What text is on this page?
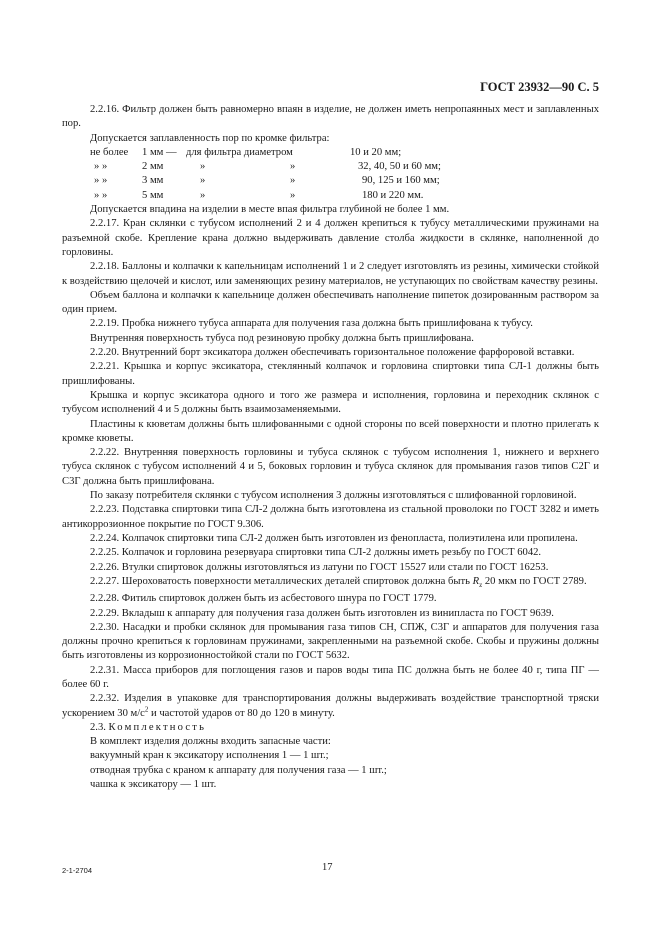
ГОСТ 23932—90 С. 5

2.2.16. Фильтр должен быть равномерно впаян в изделие, не должен иметь непропаянных мест и заплавленных пор.

Допускается заплавленность пор по кромке фильтра:

не более	1 мм —	для фильтра диаметром		10 и 20 мм;
» »	2 мм	»	»	32, 40, 50 и 60 мм;
» »	3 мм	»	»	90, 125 и 160 мм;
» »	5 мм	»	»	180 и 220 мм.

Допускается впадина на изделии в месте впая фильтра глубиной не более 1 мм.

2.2.17. Кран склянки с тубусом исполнений 2 и 4 должен крепиться к тубусу металлическими пружинами на разъемной скобе. Крепление крана должно выдерживать давление столба жидкости в склянке, наполненной до горловины.

2.2.18. Баллоны и колпачки к капельницам исполнений 1 и 2 следует изготовлять из резины, химически стойкой к воздействию щелочей и кислот, или заменяющих резину материалов, не уступающих по свойствам качеству резины.

Объем баллона и колпачки к капельнице должен обеспечивать наполнение пипеток дозированным раствором за один прием.

2.2.19. Пробка нижнего тубуса аппарата для получения газа должна быть пришлифована к тубусу.

Внутренняя поверхность тубуса под резиновую пробку должна быть пришлифована.

2.2.20. Внутренний борт эксикатора должен обеспечивать горизонтальное положение фарфоровой вставки.

2.2.21. Крышка и корпус эксикатора, стеклянный колпачок и горловина спиртовки типа СЛ-1 должны быть пришлифованы.

Крышка и корпус эксикатора одного и того же размера и исполнения, горловина и переходник склянок с тубусом исполнений 4 и 5 должны быть взаимозаменяемыми.

Пластины к кюветам должны быть шлифованными с одной стороны по всей поверхности и плотно прилегать к кромке кюветы.

2.2.22. Внутренняя поверхность горловины и тубуса склянок с тубусом исполнения 1, нижнего и верхнего тубуса склянок с тубусом исполнений 4 и 5, боковых горловин и тубуса склянок для промывания газов типов С2Г и С3Г должна быть пришлифована.

По заказу потребителя склянки с тубусом исполнения 3 должны изготовляться с шлифованной горловиной.

2.2.23. Подставка спиртовки типа СЛ-2 должна быть изготовлена из стальной проволоки по ГОСТ 3282 и иметь антикоррозионное покрытие по ГОСТ 9.306.

2.2.24. Колпачок спиртовки типа СЛ-2 должен быть изготовлен из фенопласта, полиэтилена или пропилена.

2.2.25. Колпачок и горловина резервуара спиртовки типа СЛ-2 должны иметь резьбу по ГОСТ 6042.

2.2.26. Втулки спиртовок должны изготовляться из латуни по ГОСТ 15527 или стали по ГОСТ 16253.

2.2.27. Шероховатость поверхности металлических деталей спиртовок должна быть $R_z$ 20 мкм по ГОСТ 2789.

2.2.28. Фитиль спиртовок должен быть из асбестового шнура по ГОСТ 1779.

2.2.29. Вкладыш к аппарату для получения газа должен быть изготовлен из винипласта по ГОСТ 9639.

2.2.30. Насадки и пробки склянок для промывания газа типов СН, СПЖ, С3Г и аппаратов для получения газа должны прочно крепиться к горловинам пружинами, закрепленными на разъемной скобе. Скобы и пружины должны быть изготовлены из коррозионностойкой стали по ГОСТ 5632.

2.2.31. Масса приборов для поглощения газов и паров воды типа ПС должна быть не более 40 г, типа ПГ — более 60 г.

2.2.32. Изделия в упаковке для транспортирования должны выдерживать воздействие транспортной тряски ускорением 30 $м/с^2$ и частотой ударов от 80 до 120 в минуту.

2.3. Комплектность

В комплект изделия должны входить запасные части:

вакуумный кран к эксикатору исполнения 1 — 1 шт.;

отводная трубка с краном к аппарату для получения газа — 1 шт.;

чашка к эксикатору — 1 шт.

2-1-2704	17
